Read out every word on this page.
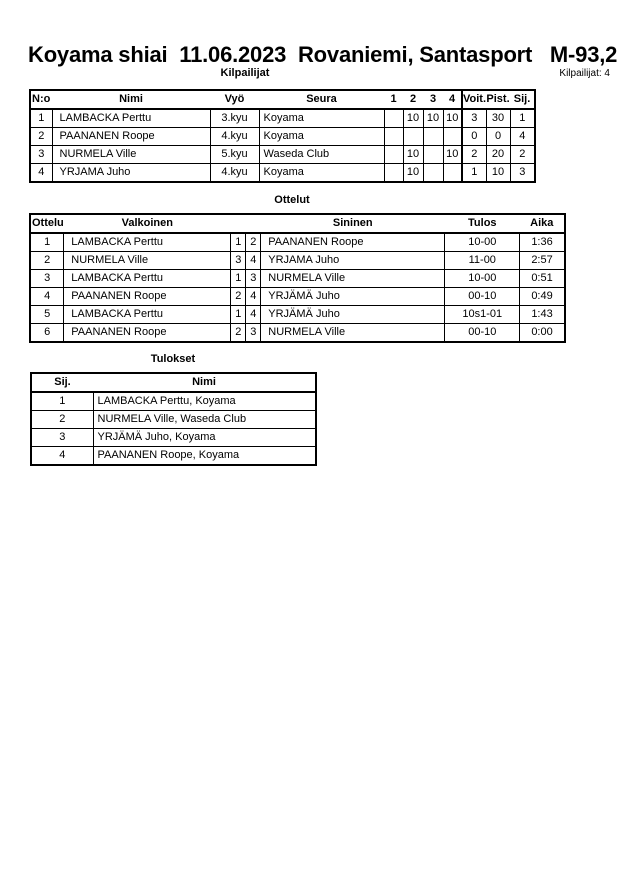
Koyama shiai  11.06.2023  Rovaniemi, Santasport   M-93,2
Kilpailijat	Kilpailijat: 4
N:o	Nimi	Vyö	Seura	1	2	3	4	Voit.	Pist.	Sij.
1	LAMBACKA Perttu	3.kyu	Koyama		10	10	10	3	30	1
2	PAANANEN Roope	4.kyu	Koyama					0	0	4
3	NURMELA Ville	5.kyu	Waseda Club		10		10	2	20	2
4	YRJAMA Juho	4.kyu	Koyama		10			1	10	3
Ottelut
Ottelu	Valkoinen			Sininen	Tulos	Aika
1	LAMBACKA Perttu	1	2	PAANANEN Roope	10-00	1:36
2	NURMELA Ville	3	4	YRJAMA Juho	11-00	2:57
3	LAMBACKA Perttu	1	3	NURMELA Ville	10-00	0:51
4	PAANANEN Roope	2	4	YRJÄMÄ Juho	00-10	0:49
5	LAMBACKA Perttu	1	4	YRJÄMÄ Juho	10s1-01	1:43
6	PAANANEN Roope	2	3	NURMELA Ville	00-10	0:00
Tulokset
Sij.	Nimi
1	LAMBACKA Perttu, Koyama
2	NURMELA Ville, Waseda Club
3	YRJÄMÄ Juho, Koyama
4	PAANANEN Roope, Koyama
